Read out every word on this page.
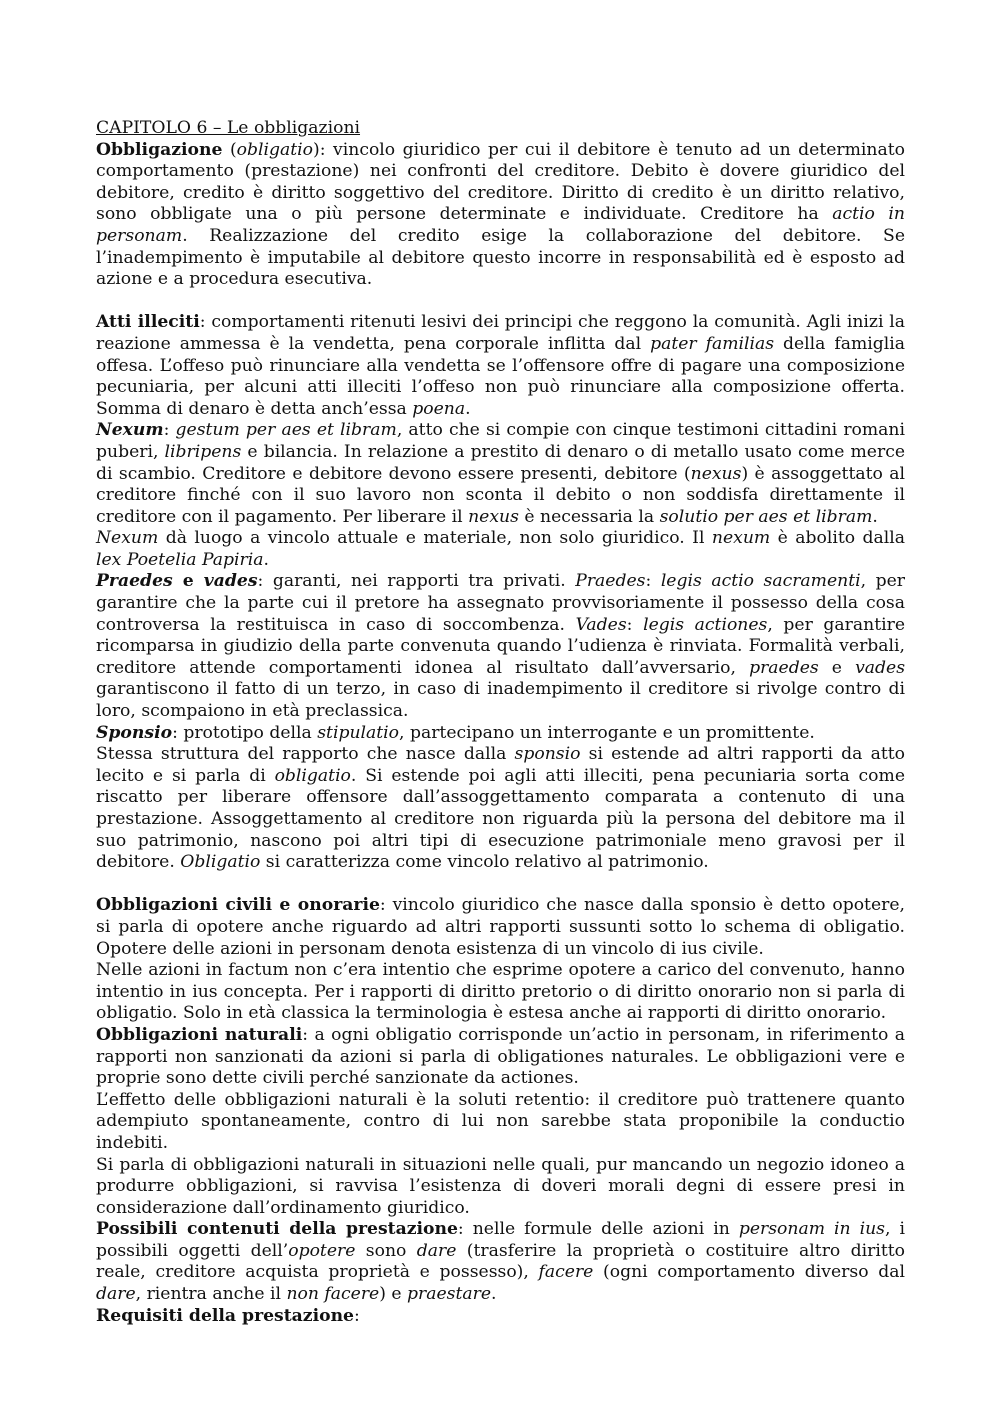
CAPITOLO 6 – Le obbligazioni

Obbligazione (obligatio): vincolo giuridico per cui il debitore è tenuto ad un determinato comportamento (prestazione) nei confronti del creditore. Debito è dovere giuridico del debitore, credito è diritto soggettivo del creditore. Diritto di credito è un diritto relativo, sono obbligate una o più persone determinate e individuate. Creditore ha actio in personam. Realizzazione del credito esige la collaborazione del debitore. Se l’inadempimento è imputabile al debitore questo incorre in responsabilità ed è esposto ad azione e a procedura esecutiva.

Atti illeciti: comportamenti ritenuti lesivi dei principi che reggono la comunità. Agli inizi la reazione ammessa è la vendetta, pena corporale inflitta dal pater familias della famiglia offesa. L’offeso può rinunciare alla vendetta se l’offensore offre di pagare una composizione pecuniaria, per alcuni atti illeciti l’offeso non può rinunciare alla composizione offerta. Somma di denaro è detta anch’essa poena.

Nexum: gestum per aes et libram, atto che si compie con cinque testimoni cittadini romani puberi, libripens e bilancia. In relazione a prestito di denaro o di metallo usato come merce di scambio. Creditore e debitore devono essere presenti, debitore (nexus) è assoggettato al creditore finché con il suo lavoro non sconta il debito o non soddisfa direttamente il creditore con il pagamento. Per liberare il nexus è necessaria la solutio per aes et libram.

Nexum dà luogo a vincolo attuale e materiale, non solo giuridico. Il nexum è abolito dalla lex Poetelia Papiria.

Praedes e vades: garanti, nei rapporti tra privati. Praedes: legis actio sacramenti, per garantire che la parte cui il pretore ha assegnato provvisoriamente il possesso della cosa controversa la restituisca in caso di soccombenza. Vades: legis actiones, per garantire ricomparsa in giudizio della parte convenuta quando l’udienza è rinviata. Formalità verbali, creditore attende comportamenti idonea al risultato dall’avversario, praedes e vades garantiscono il fatto di un terzo, in caso di inadempimento il creditore si rivolge contro di loro, scompaiono in età preclassica.

Sponsio: prototipo della stipulatio, partecipano un interrogante e un promittente.

Stessa struttura del rapporto che nasce dalla sponsio si estende ad altri rapporti da atto lecito e si parla di obligatio. Si estende poi agli atti illeciti, pena pecuniaria sorta come riscatto per liberare offensore dall’assoggettamento comparata a contenuto di una prestazione. Assoggettamento al creditore non riguarda più la persona del debitore ma il suo patrimonio, nascono poi altri tipi di esecuzione patrimoniale meno gravosi per il debitore. Obligatio si caratterizza come vincolo relativo al patrimonio.

Obbligazioni civili e onorarie: vincolo giuridico che nasce dalla sponsio è detto opotere, si parla di opotere anche riguardo ad altri rapporti sussunti sotto lo schema di obligatio. Opotere delle azioni in personam denota esistenza di un vincolo di ius civile.

Nelle azioni in factum non c’era intentio che esprime opotere a carico del convenuto, hanno intentio in ius concepta. Per i rapporti di diritto pretorio o di diritto onorario non si parla di obligatio. Solo in età classica la terminologia è estesa anche ai rapporti di diritto onorario.

Obbligazioni naturali: a ogni obligatio corrisponde un’actio in personam, in riferimento a rapporti non sanzionati da azioni si parla di obligationes naturales. Le obbligazioni vere e proprie sono dette civili perché sanzionate da actiones.

L’effetto delle obbligazioni naturali è la soluti retentio: il creditore può trattenere quanto adempiuto spontaneamente, contro di lui non sarebbe stata proponibile la conductio indebiti.

Si parla di obbligazioni naturali in situazioni nelle quali, pur mancando un negozio idoneo a produrre obbligazioni, si ravvisa l’esistenza di doveri morali degni di essere presi in considerazione dall’ordinamento giuridico.

Possibili contenuti della prestazione: nelle formule delle azioni in personam in ius, i possibili oggetti dell’opotere sono dare (trasferire la proprietà o costituire altro diritto reale, creditore acquista proprietà e possesso), facere (ogni comportamento diverso dal dare, rientra anche il non facere) e praestare.

Requisiti della prestazione:
